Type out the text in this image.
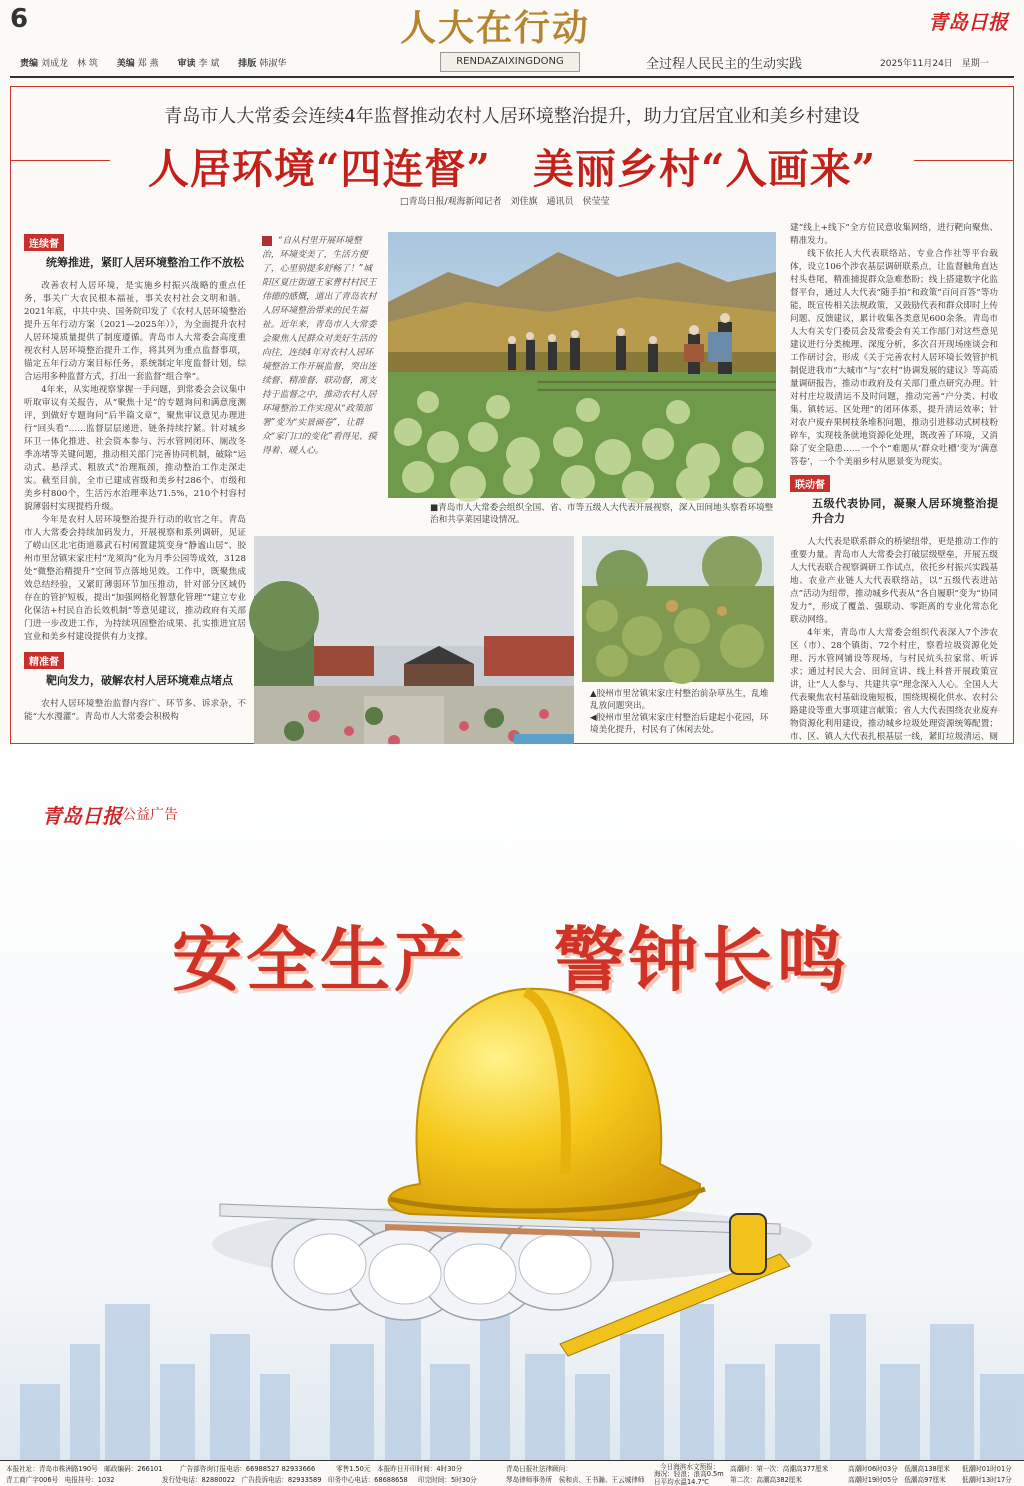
6	人大在行动	青岛日报
责编 刘成龙　林 筑 美编 郑 燕 审读 李 斌 排版 韩淑华	RENDAZAIXINGDONG	全过程人民民主的生动实践	2025年11月24日　星期一
青岛市人大常委会连续4年监督推动农村人居环境整治提升，助力宜居宜业和美乡村建设
人居环境“四连督”　美丽乡村“入画来”
□青岛日报/观海新闻记者　刘佳旗　通讯员　侯莹莹
连续督
统筹推进，紧盯人居环境整治工作不放松

改善农村人居环境，是实施乡村振兴战略的重点任务，事关广大农民根本福祉，事关农村社会文明和谐。2021年底，中共中央、国务院印发了《农村人居环境整治提升五年行动方案（2021—2025年）》，为全面提升农村人居环境质量提供了制度遵循。青岛市人大常委会高度重视农村人居环境整治提升工作，将其列为重点监督事项，锚定五年行动方案目标任务，系统制定年度监督计划，综合运用多种监督方式，打出一套监督“组合拳”。

4年来，从实地视察掌握一手问题，到常委会会议集中听取审议有关报告，从“聚焦十足”的专题询问和满意度测评，到做好专题询问“后半篇文章”，聚焦审议意见办理进行“回头看”……监督层层递进、链条持续拧紧。针对城乡环卫一体化推进、社会资本参与、污水管网闭环、厕改冬季冻堵等关键问题，推动相关部门完善协同机制，破除“运动式、悬浮式、粗放式”治理瓶颈，推动整治工作走深走实。截至目前，全市已建成省级和美乡村286个、市级和美乡村800个，生活污水治理率达71.5%，210个村容村貌薄弱村实现提档升级。

今年是农村人居环境整治提升行动的收官之年。青岛市人大常委会持续加码发力，开展视察和系列调研，见证了崂山区北宅街道慕武石村闲置建筑变身“静谧山居”、胶州市里岔镇宋家庄村“龙须沟”化为月季公园等成效，3128处“微整治精提升”空间节点落地见效。工作中，既聚焦成效总结经验，又紧盯薄弱环节加压推动，针对部分区域仍存在的管护短板，提出“加强网格化智慧化管理”“建立专业化保洁+村民自治长效机制”等意见建议，推动政府有关部门进一步改进工作，为持续巩固整治成果、扎实推进宜居宜业和美乡村建设提供有力支撑。

精准督
靶向发力，破解农村人居环境难点堵点

农村人居环境整治监督内容广、环节多、诉求杂，不能“大水漫灌”。青岛市人大常委会积极构

“自从村里开展环境整治，环境变美了，生活方便了，心里别提多舒畅了！”城阳区夏庄街道王家曹村村民王伟德的感慨，道出了青岛农村人居环境整治带来的民生福祉。近年来，青岛市人大常委会聚焦人民群众对美好生活的向往，连续4年对农村人居环境整治工作开展监督，突出连续督、精准督、联动督，寓支持于监督之中，推动农村人居环境整治工作实现从“政策部署”变为“实景画卷”，让群众“家门口的变化”看得见、摸得着、暖人心。
■青岛市人大常委会组织全国、省、市等五级人大代表开展视察，深入田间地头察看环境整治和共享菜园建设情况。
▲胶州市里岔镇宋家庄村整治前杂草丛生，乱堆乱放问题突出。
◀胶州市里岔镇宋家庄村整治后建起小花园，环境美化提升，村民有了休闲去处。

建“线上+线下”全方位民意收集网络，进行靶向聚焦、精准发力。

线下依托人大代表联络站、专业合作社等平台载体，设立106个涉农基层调研联系点，让监督触角直达村头巷尾，精准捕捉群众急难愁盼；线上搭建数字化监督平台，通过人大代表“随手拍”和政策“百问百答”等功能，既宣传相关法规政策，又鼓励代表和群众即时上传问题、反馈建议，累计收集各类意见600余条。青岛市人大有关专门委员会及常委会有关工作部门对这些意见建议进行分类梳理、深度分析，多次召开现场座谈会和工作研讨会，形成《关于完善农村人居环境长效管护机制促进我市“大城市”与“农村”协调发展的建议》等高质量调研报告，推动市政府及有关部门重点研究办理。针对村庄垃圾清运不及时问题，推动完善“户分类、村收集、镇转运、区处理”的闭环体系，提升清运效率；针对农户废弃果树枝条堆积问题，推动引进移动式树枝粉碎车，实现枝条就地资源化处理，既改善了环境，又消除了安全隐患……一个个“难题从‘群众吐槽’变为‘满意答卷’，一个个美丽乡村从愿景变为现实。

联动督
五级代表协同，凝聚人居环境整治提升合力

人大代表是联系群众的桥梁纽带，更是推动工作的重要力量。青岛市人大常委会打破层级壁垒，开展五级人大代表联合视察调研工作试点，依托乡村振兴实践基地、农业产业链人大代表联络站，以“五级代表进站点”活动为纽带，推动城乡代表从“各自履职”变为“协同发力”，形成了覆盖、强联动、零距离的专业化常态化联动网络。

4年来，青岛市人大常委会组织代表深入7个涉农区（市）、28个镇街、72个村庄，察看垃圾资源化处理、污水管网铺设等现场，与村民炕头拉家常、听诉求；通过村民大会、田间宣讲、线上科普开展政策宣讲，让“人人参与、共建共享”理念深入人心。全国人大代表聚焦农村基础设施短板，围绕规模化供水、农村公路建设等重大事项建言献策；省人大代表围绕农业废弃物资源化利用建设，推动城乡垃圾处理资源统筹配置；市、区、镇人大代表扎根基层一线，紧盯垃圾清运、厕

青岛日报 公益广告
安全生产 警钟长鸣
本报社址：青岛市株洲路190号　邮政编码：266101	广告部咨询订报电话：66988527 82933666	零售1.50元　本报昨日开印时间：4时30分	青岛日报社法律顾问：	今日海滨水文预报：
海况：轻浪；浪高0.5m
高潮时：第一次：高潮高377厘米	高潮时06时03分　低潮高138厘米 低潮时01时01分
青工商广字006号　电报挂号：1032	发行处电话：82880022　广告投诉电话：82933589　印务中心电话：68688658 印完时间：5时30分	琴岛律师事务所　侯和贞、王书瀚、王云城律师 日平均水温14.7℃	第二次：高潮高382厘米	高潮时19时05分　低潮高97厘米 低潮时13时17分
